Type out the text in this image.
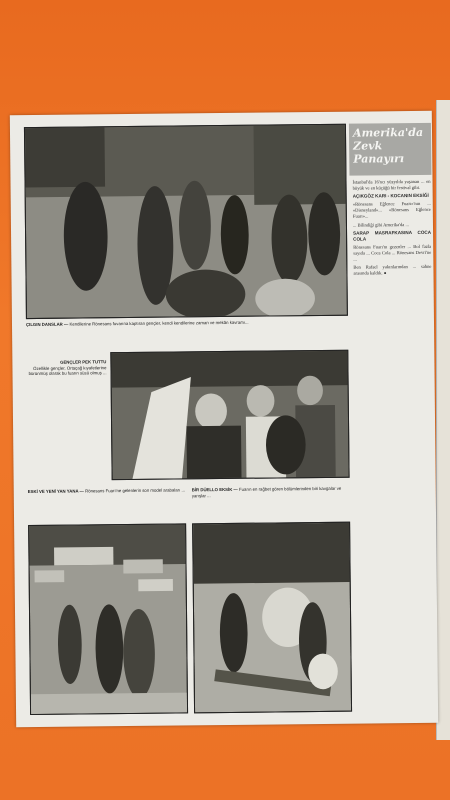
ÇILGIN DANSLAR — Kendilerine Rönesans fuvarına kaptıran gençler, kendi kendilerine zaman ve mekân kavramı...
Amerika'da
Zevk
Panayırı

İstanbul'da 16'ncı yüzyılda yaşanan ... en büyük ve en küçüğü bir festival gibi.

AÇIKGÖZ KARI - KOCANIN EKSİĞİ

«Rönesans Eğlence Fuarı»'nın ... «Disneyland»... «Rönesans Eğlence Fuarı»...

... Bilindiği gibi Amerika'da ...

SARAP MASRAFKASINA COCA COLA

Rönesans Fuarı'nı gezenler ... Bol fazla sayıda ... Coca Cola ... Rönesans Devri'ne ...

Ben Rafael yakınlarından ... sahne arasında kaldık. ●

GENÇLER PEK TUTTU
Özellikle gençler, Ortaçağ kıyafetlerine bürünmüş olarak bu fuarın süsü olmuş ...
ESKİ VE YENİ YAN YANA — Rönesans Fuarı'ne gelenlerin son model arabaları ...	BİR DÜELLO EKSİK — Fuarın en rağbet gören bölümlerinden biri kavgalar ve yarışlar ...
